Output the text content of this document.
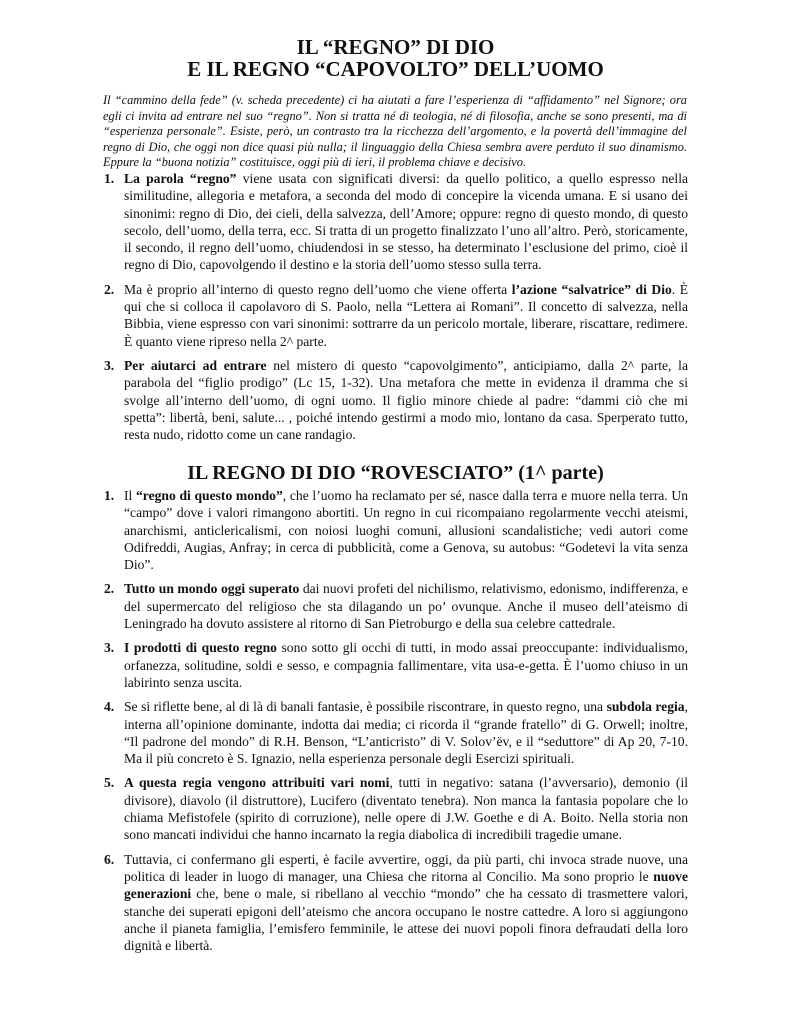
IL “REGNO” DI DIO
E IL REGNO “CAPOVOLTO” DELL’UOMO

Il “cammino della fede” (v. scheda precedente) ci ha aiutati a fare l’esperienza di “affidamento” nel Signore; ora egli ci invita ad entrare nel suo “regno”. Non si tratta né di teologia, né di filosofia, anche se sono presenti, ma di “esperienza personale”. Esiste, però, un contrasto tra la ricchezza dell’argomento, e la povertà dell’immagine del regno di Dio, che oggi non dice quasi più nulla; il linguaggio della Chiesa sembra avere perduto il suo dinamismo. Eppure la “buona notizia” costituisce, oggi più di ieri, il problema chiave e decisivo.

1. La parola “regno” viene usata con significati diversi: da quello politico, a quello espresso nella similitudine, allegoria e metafora, a seconda del modo di concepire la vicenda umana. E si usano dei sinonimi: regno di Dio, dei cieli, della salvezza, dell’Amore; oppure: regno di questo mondo, di questo secolo, dell’uomo, della terra, ecc. Si tratta di un progetto finalizzato l’uno all’altro. Però, storicamente, il secondo, il regno dell’uomo, chiudendosi in se stesso, ha determinato l’esclusione del primo, cioè il regno di Dio, capovolgendo il destino e la storia dell’uomo stesso sulla terra.
2. Ma è proprio all’interno di questo regno dell’uomo che viene offerta l’azione “salvatrice” di Dio. È qui che si colloca il capolavoro di S. Paolo, nella “Lettera ai Romani”. Il concetto di salvezza, nella Bibbia, viene espresso con vari sinonimi: sottrarre da un pericolo mortale, liberare, riscattare, redimere. È quanto viene ripreso nella 2^ parte.
3. Per aiutarci ad entrare nel mistero di questo “capovolgimento”, anticipiamo, dalla 2^ parte, la parabola del “figlio prodigo” (Lc 15, 1-32). Una metafora che mette in evidenza il dramma che si svolge all’interno dell’uomo, di ogni uomo. Il figlio minore chiede al padre: “dammi ciò che mi spetta”: libertà, beni, salute... , poiché intendo gestirmi a modo mio, lontano da casa. Sperperato tutto, resta nudo, ridotto come un cane randagio.
IL REGNO DI DIO “ROVESCIATO” (1^ parte)
1. Il “regno di questo mondo”, che l’uomo ha reclamato per sé, nasce dalla terra e muore nella terra. Un “campo” dove i valori rimangono abortiti. Un regno in cui ricompaiano regolarmente vecchi ateismi, anarchismi, anticlericalismi, con noiosi luoghi comuni, allusioni scandalistiche; vedi autori come Odifreddi, Augias, Anfray; in cerca di pubblicità, come a Genova, su autobus: “Godetevi la vita senza Dio”.
2. Tutto un mondo oggi superato dai nuovi profeti del nichilismo, relativismo, edonismo, indifferenza, e del supermercato del religioso che sta dilagando un po’ ovunque. Anche il museo dell’ateismo di Leningrado ha dovuto assistere al ritorno di San Pietroburgo e della sua celebre cattedrale.
3. I prodotti di questo regno sono sotto gli occhi di tutti, in modo assai preoccupante: individualismo, orfanezza, solitudine, soldi e sesso, e compagnia fallimentare, vita usa-e-getta. È l’uomo chiuso in un labirinto senza uscita.
4. Se si riflette bene, al di là di banali fantasie, è possibile riscontrare, in questo regno, una subdola regia, interna all’opinione dominante, indotta dai media; ci ricorda il “grande fratello” di G. Orwell; inoltre, “Il padrone del mondo” di R.H. Benson, “L’anticristo” di V. Solov’ëv, e il “seduttore” di Ap 20, 7-10. Ma il più concreto è S. Ignazio, nella esperienza personale degli Esercizi spirituali.
5. A questa regia vengono attribuiti vari nomi, tutti in negativo: satana (l’avversario), demonio (il divisore), diavolo (il distruttore), Lucifero (diventato tenebra). Non manca la fantasia popolare che lo chiama Mefistofele (spirito di corruzione), nelle opere di J.W. Goethe e di A. Boito. Nella storia non sono mancati individui che hanno incarnato la regia diabolica di incredibili tragedie umane.
6. Tuttavia, ci confermano gli esperti, è facile avvertire, oggi, da più parti, chi invoca strade nuove, una politica di leader in luogo di manager, una Chiesa che ritorna al Concilio. Ma sono proprio le nuove generazioni che, bene o male, si ribellano al vecchio “mondo” che ha cessato di trasmettere valori, stanche dei superati epigoni dell’ateismo che ancora occupano le nostre cattedre. A loro si aggiungono anche il pianeta famiglia, l’emisfero femminile, le attese dei nuovi popoli finora defraudati della loro dignità e libertà.
